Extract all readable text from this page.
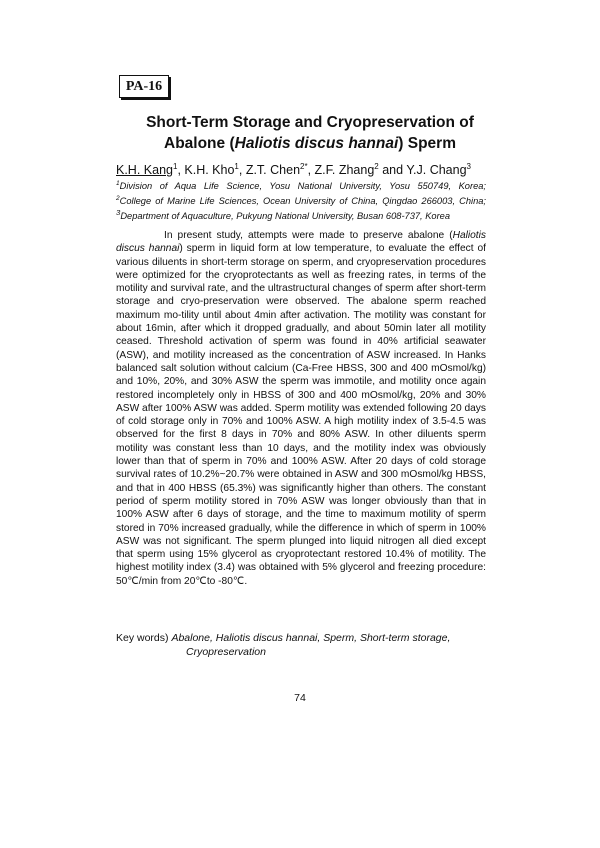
PA-16
Short-Term Storage and Cryopreservation of
Abalone (Haliotis discus hannai) Sperm
K.H. Kang$^1$, K.H. Kho$^1$, Z.T. Chen$^{2*}$, Z.F. Zhang$^2$ and Y.J. Chang$^3$
$^1$Division of Aqua Life Science, Yosu National University, Yosu 550749, Korea;
$^2$College of Marine Life Sciences, Ocean University of China, Qingdao 266003, China;
$^3$Department of Aquaculture, Pukyung National University, Busan 608-737, Korea

In present study, attempts were made to preserve abalone (Haliotis discus hannai) sperm in liquid form at low temperature, to evaluate the effect of various diluents in short-term storage on sperm, and cryopreservation procedures were optimized for the cryoprotectants as well as freezing rates, in terms of the motility and survival rate, and the ultrastructural changes of sperm after short-term storage and cryo-preservation were observed. The abalone sperm reached maximum mo-tility until about 4min after activation. The motility was constant for about 16min, after which it dropped gradually, and about 50min later all motility ceased. Threshold activation of sperm was found in 40% artificial seawater (ASW), and motility increased as the concentration of ASW increased. In Hanks balanced salt solution without calcium (Ca-Free HBSS, 300 and 400 mOsmol/kg) and 10%, 20%, and 30% ASW the sperm was immotile, and motility once again restored incompletely only in HBSS of 300 and 400 mOsmol/kg, 20% and 30% ASW after 100% ASW was added. Sperm motility was extended following 20 days of cold storage only in 70% and 100% ASW. A high motility index of 3.5-4.5 was observed for the first 8 days in 70% and 80% ASW. In other diluents sperm motility was constant less than 10 days, and the motility index was obviously lower than that of sperm in 70% and 100% ASW. After 20 days of cold storage survival rates of 10.2%~20.7% were obtained in ASW and 300 mOsmol/kg HBSS, and that in 400 HBSS (65.3%) was significantly higher than others. The constant period of sperm motility stored in 70% ASW was longer obviously than that in 100% ASW after 6 days of storage, and the time to maximum motility of sperm stored in 70% increased gradually, while the difference in which of sperm in 100% ASW was not significant. The sperm plunged into liquid nitrogen all died except that sperm using 15% glycerol as cryoprotectant restored 10.4% of motility. The highest motility index (3.4) was obtained with 5% glycerol and freezing procedure: 50℃/min from 20℃to -80℃.

Key words) Abalone, Haliotis discus hannai, Sperm, Short-term storage,
Cryopreservation
74
